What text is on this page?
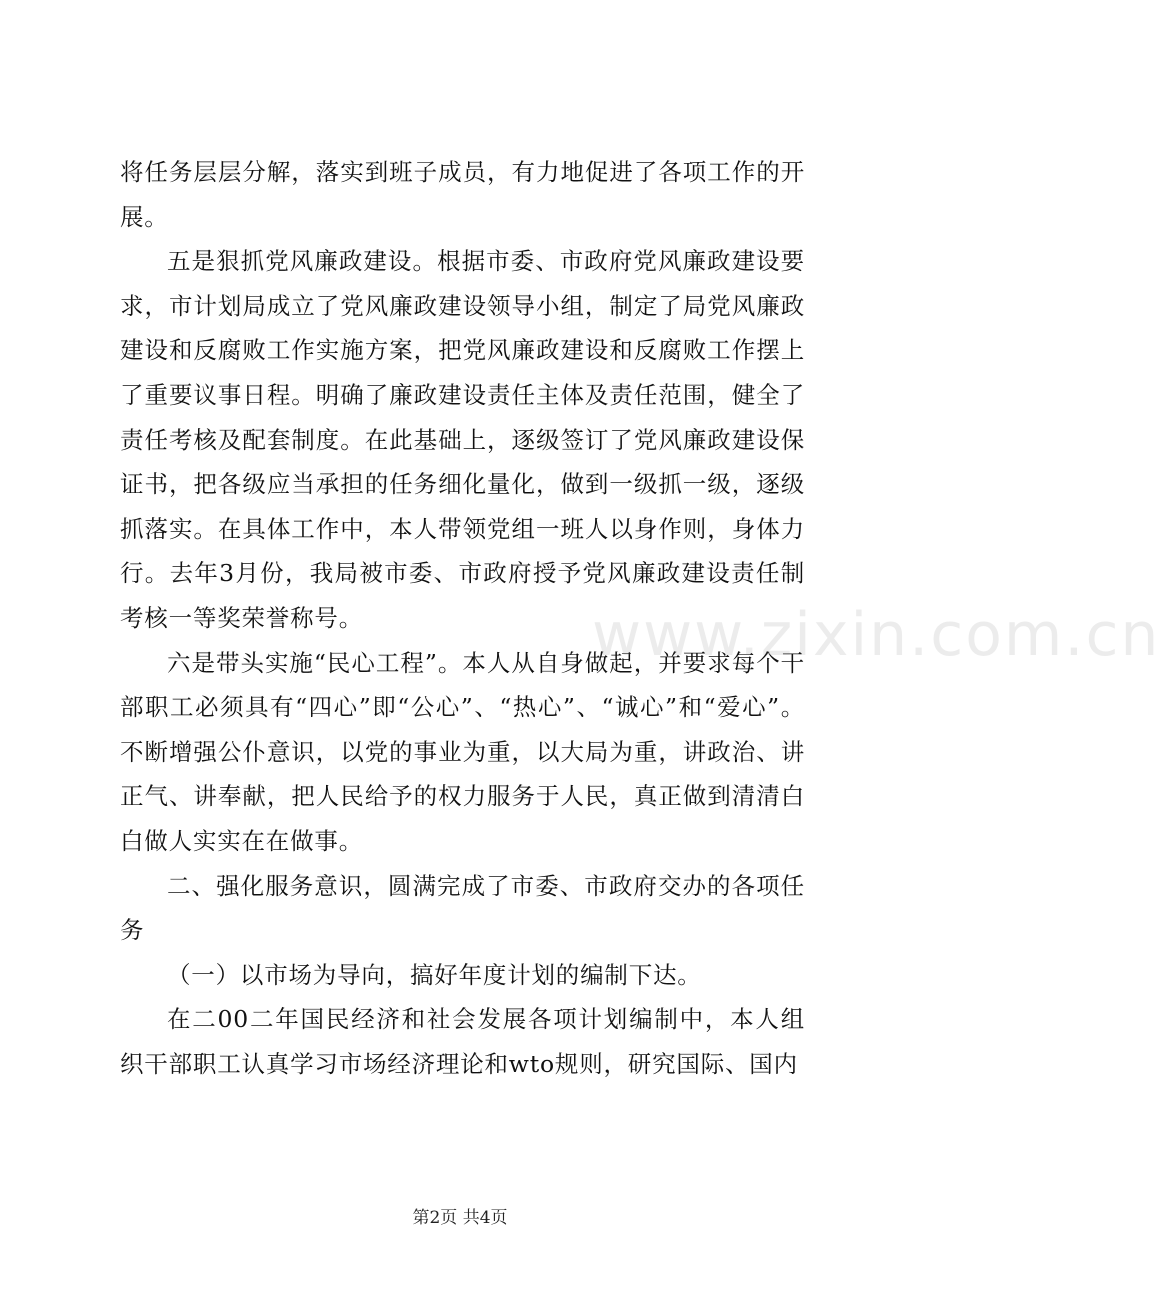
将任务层层分解，落实到班子成员，有力地促进了各项工作的开展。

五是狠抓党风廉政建设。根据市委、市政府党风廉政建设要求，市计划局成立了党风廉政建设领导小组，制定了局党风廉政建设和反腐败工作实施方案，把党风廉政建设和反腐败工作摆上了重要议事日程。明确了廉政建设责任主体及责任范围，健全了责任考核及配套制度。在此基础上，逐级签订了党风廉政建设保证书，把各级应当承担的任务细化量化，做到一级抓一级，逐级抓落实。在具体工作中，本人带领党组一班人以身作则，身体力行。去年3月份，我局被市委、市政府授予党风廉政建设责任制考核一等奖荣誉称号。

六是带头实施“民心工程”。本人从自身做起，并要求每个干部职工必须具有“四心”即“公心”、“热心”、“诚心”和“爱心”。不断增强公仆意识，以党的事业为重，以大局为重，讲政治、讲正气、讲奉献，把人民给予的权力服务于人民，真正做到清清白白做人实实在在做事。

二、强化服务意识，圆满完成了市委、市政府交办的各项任务

（一）以市场为导向，搞好年度计划的编制下达。

在二00二年国民经济和社会发展各项计划编制中，本人组织干部职工认真学习市场经济理论和wto规则，研究国际、国内

www.zixin.com.cn
第2页 共4页
